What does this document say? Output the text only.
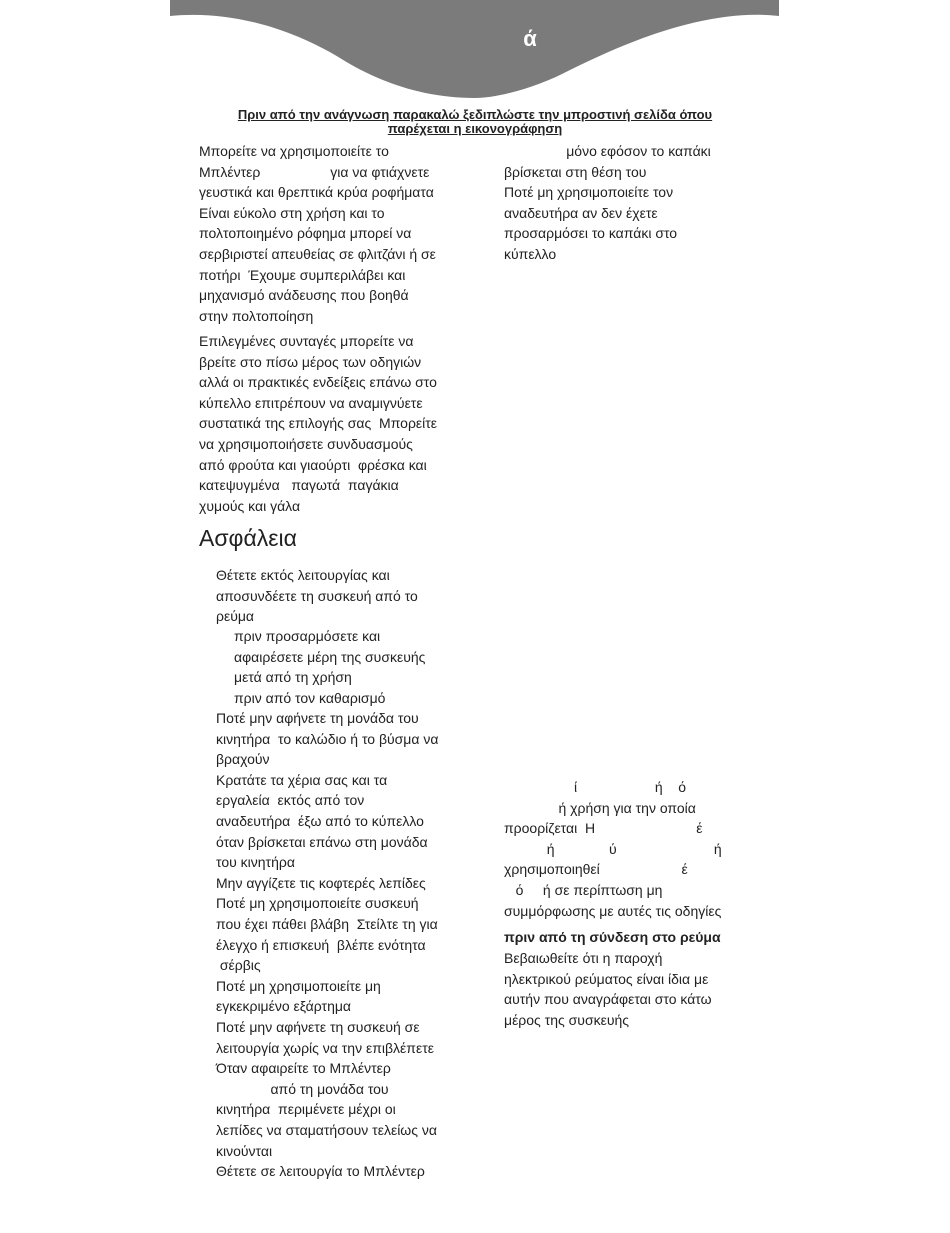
ά
Πριν από την ανάγνωση παρακαλώ ξεδιπλώστε την μπροστινή σελίδα όπου
παρέχεται η εικονογράφηση
Μπορείτε να χρησιμοποιείτε το
Μπλέντερ                  για να φτιάχνετε
γευστικά και θρεπτικά κρύα ροφήματα
Είναι εύκολο στη χρήση και το
πολτοποιημένο ρόφημα μπορεί να
σερβιριστεί απευθείας σε φλιτζάνι ή σε
ποτήρι  Έχουμε συμπεριλάβει και
μηχανισμό ανάδευσης που βοηθά
στην πολτοποίηση
Επιλεγμένες συνταγές μπορείτε να
βρείτε στο πίσω μέρος των οδηγιών
αλλά οι πρακτικές ενδείξεις επάνω στο
κύπελλο επιτρέπουν να αναμιγνύετε
συστατικά της επιλογής σας  Μπορείτε
να χρησιμοποιήσετε συνδυασμούς
από φρούτα και γιαούρτι  φρέσκα και
κατεψυγμένα   παγωτά  παγάκια
χυμούς και γάλα
Θέτετε εκτός λειτουργίας και
αποσυνδέετε τη συσκευή από το
ρεύμα
πριν προσαρμόσετε και
αφαιρέσετε μέρη της συσκευής
μετά από τη χρήση
πριν από τον καθαρισμό
Ποτέ μην αφήνετε τη μονάδα του
κινητήρα  το καλώδιο ή το βύσμα να
βραχούν
Κρατάτε τα χέρια σας και τα
εργαλεία  εκτός από τον
αναδευτήρα  έξω από το κύπελλο
όταν βρίσκεται επάνω στη μονάδα
του κινητήρα
Μην αγγίζετε τις κοφτερές λεπίδες
Ποτέ μη χρησιμοποιείτε συσκευή
που έχει πάθει βλάβη  Στείλτε τη για
έλεγχο ή επισκευή  βλέπε ενότητα
σέρβις
Ποτέ μη χρησιμοποιείτε μη
εγκεκριμένο εξάρτημα
Ποτέ μην αφήνετε τη συσκευή σε
λειτουργία χωρίς να την επιβλέπετε
Όταν αφαιρείτε το Μπλέντερ
από τη μονάδα του
κινητήρα  περιμένετε μέχρι οι
λεπίδες να σταματήσουν τελείως να
κινούνται
Θέτετε σε λειτουργία το Μπλέντερ
μόνο εφόσον το καπάκι
βρίσκεται στη θέση του
Ποτέ μη χρησιμοποιείτε τον
αναδευτήρα αν δεν έχετε
προσαρμόσει το καπάκι στο
κύπελλο
ί                    ή    ό
ή χρήση για την οποία
προορίζεται  Η                          έ
ή              ύ                         ή
χρησιμοποιηθεί                     έ
ό     ή σε περίπτωση μη
συμμόρφωσης με αυτές τις οδηγίες
Βεβαιωθείτε ότι η παροχή
ηλεκτρικού ρεύματος είναι ίδια με
αυτήν που αναγράφεται στο κάτω
μέρος της συσκευής
πριν από τη σύνδεση στο ρεύμα
Ασφάλεια
